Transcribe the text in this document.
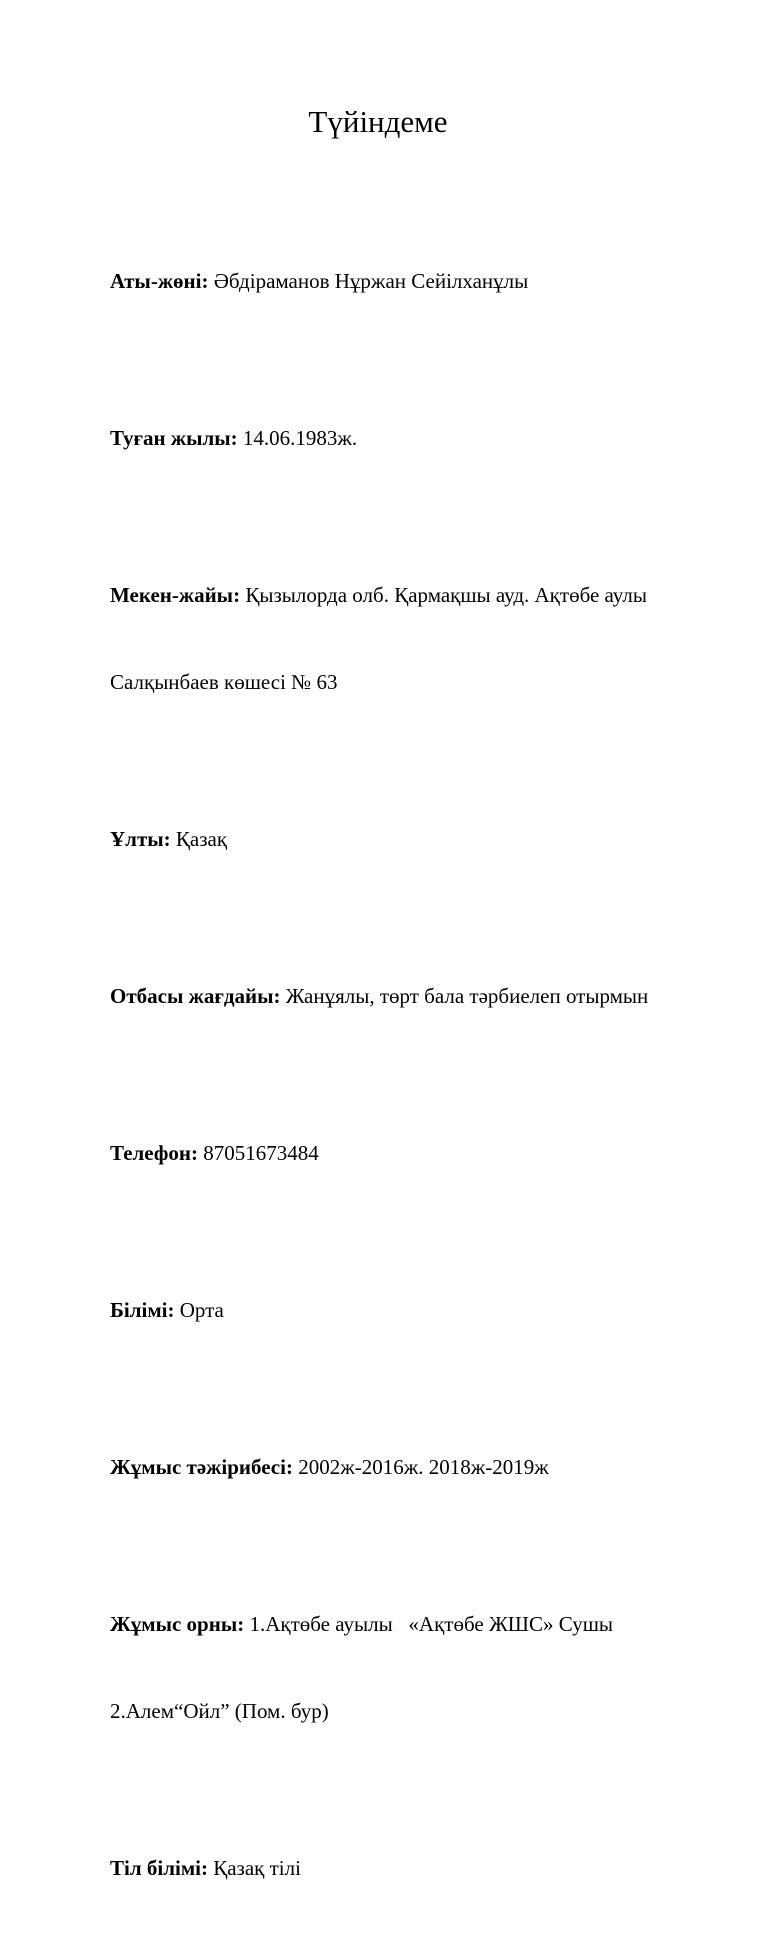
Түйіндеме

Аты-жөні: Әбдіраманов Нұржан Сейілханұлы

Туған жылы: 14.06.1983ж.

Мекен-жайы: Қызылорда олб. Қармақшы ауд. Ақтөбе аулы

Салқынбаев көшесі № 63

Ұлты: Қазақ

Отбасы жағдайы: Жанұялы, төрт бала тәрбиелеп отырмын

Телефон: 87051673484

Білімі: Орта

Жұмыс тәжірибесі: 2002ж-2016ж. 2018ж-2019ж

Жұмыс орны: 1.Ақтөбе ауылы   «Ақтөбе ЖШС» Сушы

2.Алем“Ойл” (Пом. бур)

Тіл білімі: Қазақ тілі
